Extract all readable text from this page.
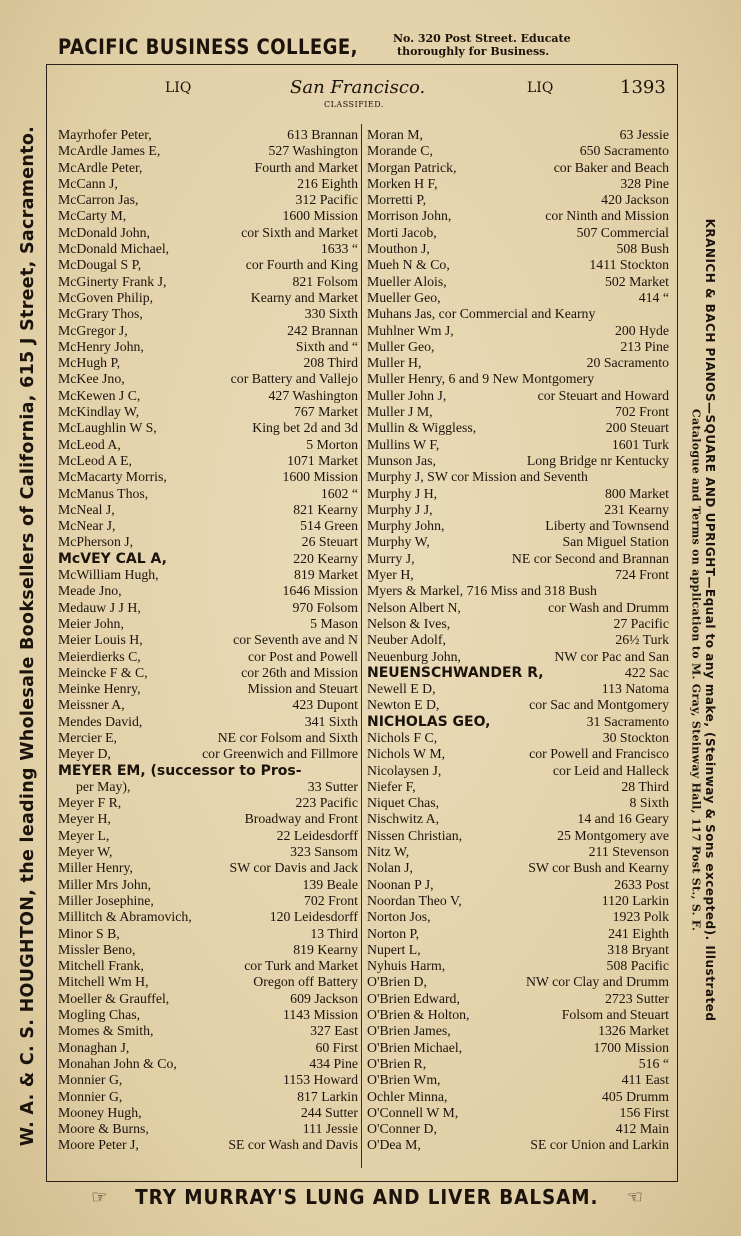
PACIFIC BUSINESS COLLEGE,	No. 320 Post Street. Educate
thoroughly for Business.
LIQ	San Francisco.	LIQ	1393
CLASSIFIED.
Mayrhofer Peter,	613 Brannan
McArdle James E,	527 Washington
McArdle Peter,	Fourth and Market
McCann J,	216 Eighth
McCarron Jas,	312 Pacific
McCarty M,	1600 Mission
McDonald John,	cor Sixth and Market
McDonald Michael,	1633 “
McDougal S P,	cor Fourth and King
McGinerty Frank J,	821 Folsom
McGoven Philip,	Kearny and Market
McGrary Thos,	330 Sixth
McGregor J,	242 Brannan
McHenry John,	Sixth and “
McHugh P,	208 Third
McKee Jno,	cor Battery and Vallejo
McKewen J C,	427 Washington
McKindlay W,	767 Market
McLaughlin W S,	King bet 2d and 3d
McLeod A,	5 Morton
McLeod A E,	1071 Market
McMacarty Morris,	1600 Mission
McManus Thos,	1602 “
McNeal J,	821 Kearny
McNear J,	514 Green
McPherson J,	26 Steuart
McVEY CAL A,	220 Kearny
McWilliam Hugh,	819 Market
Meade Jno,	1646 Mission
Medauw J J H,	970 Folsom
Meier John,	5 Mason
Meier Louis H,	cor Seventh ave and N
Meierdierks C,	cor Post and Powell
Meincke F & C,	cor 26th and Mission
Meinke Henry,	Mission and Steuart
Meissner A,	423 Dupont
Mendes David,	341 Sixth
Mercier E,	NE cor Folsom and Sixth
Meyer D,	cor Greenwich and Fillmore
MEYER EM, (successor to Pros-
per May),	33 Sutter
Meyer F R,	223 Pacific
Meyer H,	Broadway and Front
Meyer L,	22 Leidesdorff
Meyer W,	323 Sansom
Miller Henry,	SW cor Davis and Jack
Miller Mrs John,	139 Beale
Miller Josephine,	702 Front
Millitch & Abramovich,	120 Leidesdorff
Minor S B,	13 Third
Missler Beno,	819 Kearny
Mitchell Frank,	cor Turk and Market
Mitchell Wm H,	Oregon off Battery
Moeller & Grauffel,	609 Jackson
Mogling Chas,	1143 Mission
Momes & Smith,	327 East
Monaghan J,	60 First
Monahan John & Co,	434 Pine
Monnier G,	1153 Howard
Monnier G,	817 Larkin
Mooney Hugh,	244 Sutter
Moore & Burns,	111 Jessie
Moore Peter J,	SE cor Wash and Davis
Moran M,	63 Jessie
Morande C,	650 Sacramento
Morgan Patrick,	cor Baker and Beach
Morken H F,	328 Pine
Morretti P,	420 Jackson
Morrison John,	cor Ninth and Mission
Morti Jacob,	507 Commercial
Mouthon J,	508 Bush
Mueh N & Co,	1411 Stockton
Mueller Alois,	502 Market
Mueller Geo,	414 “
Muhans Jas, cor Commercial and Kearny
Muhlner Wm J,	200 Hyde
Muller Geo,	213 Pine
Muller H,	20 Sacramento
Muller Henry, 6 and 9 New Montgomery
Muller John J,	cor Steuart and Howard
Muller J M,	702 Front
Mullin & Wiggless,	200 Steuart
Mullins W F,	1601 Turk
Munson Jas,	Long Bridge nr Kentucky
Murphy J, SW cor Mission and Seventh
Murphy J H,	800 Market
Murphy J J,	231 Kearny
Murphy John,	Liberty and Townsend
Murphy W,	San Miguel Station
Murry J,	NE cor Second and Brannan
Myer H,	724 Front
Myers & Markel, 716 Miss and 318 Bush
Nelson Albert N,	cor Wash and Drumm
Nelson & Ives,	27 Pacific
Neuber Adolf,	26½ Turk
Neuenburg John,	NW cor Pac and San
NEUENSCHWANDER R,	422 Sac
Newell E D,	113 Natoma
Newton E D,	cor Sac and Montgomery
NICHOLAS GEO,	31 Sacramento
Nichols F C,	30 Stockton
Nichols W M,	cor Powell and Francisco
Nicolaysen J,	cor Leid and Halleck
Niefer F,	28 Third
Niquet Chas,	8 Sixth
Nischwitz A,	14 and 16 Geary
Nissen Christian,	25 Montgomery ave
Nitz W,	211 Stevenson
Nolan J,	SW cor Bush and Kearny
Noonan P J,	2633 Post
Noordan Theo V,	1120 Larkin
Norton Jos,	1923 Polk
Norton P,	241 Eighth
Nupert L,	318 Bryant
Nyhuis Harm,	508 Pacific
O'Brien D,	NW cor Clay and Drumm
O'Brien Edward,	2723 Sutter
O'Brien & Holton,	Folsom and Steuart
O'Brien James,	1326 Market
O'Brien Michael,	1700 Mission
O'Brien R,	516 “
O'Brien Wm,	411 East
Ochler Minna,	405 Drumm
O'Connell W M,	156 First
O'Conner D,	412 Main
O'Dea M,	SE cor Union and Larkin
W. A. & C. S. HOUGHTON, the leading Wholesale Booksellers of California, 615 J Street, Sacramento.	KRANICH & BACH PIANOS—SQUARE AND UPRIGHT—Equal to any make, (Steinway & Sons excepted). Illustrated
Catalogue and Terms on application to M. Gray, Steinway Hall, 117 Post St., S. F.
☞ TRY MURRAY'S LUNG AND LIVER BALSAM. ☜
